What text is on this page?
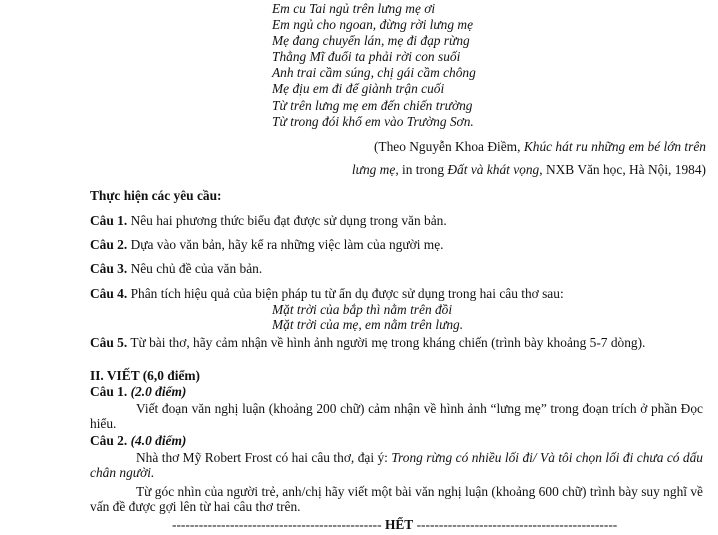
Em cu Tai ngủ trên lưng mẹ ơi
Em ngủ cho ngoan, đừng rời lưng mẹ
Mẹ đang chuyển lán, mẹ đi đạp rừng
Thằng Mĩ đuổi ta phải rời con suối
Anh trai cầm súng, chị gái cầm chông
Mẹ địu em đi để giành trận cuối
Từ trên lưng mẹ em đến chiến trường
Từ trong đói khổ em vào Trường Sơn.
(Theo Nguyễn Khoa Điềm, Khúc hát ru những em bé lớn trên
lưng mẹ, in trong Đất và khát vọng, NXB Văn học, Hà Nội, 1984)
Thực hiện các yêu cầu:
Câu 1. Nêu hai phương thức biểu đạt được sử dụng trong văn bản.
Câu 2. Dựa vào văn bản, hãy kể ra những việc làm của người mẹ.
Câu 3. Nêu chủ đề của văn bản.
Câu 4. Phân tích hiệu quả của biện pháp tu từ ẩn dụ được sử dụng trong hai câu thơ sau:
Mặt trời của bắp thì nằm trên đồi
Mặt trời của mẹ, em nằm trên lưng.
Câu 5. Từ bài thơ, hãy cảm nhận về hình ảnh người mẹ trong kháng chiến (trình bày khoảng 5-7 dòng).
II. VIẾT (6,0 điểm)
Câu 1. (2.0 điểm)
Viết đoạn văn nghị luận (khoảng 200 chữ) cảm nhận về hình ảnh “lưng mẹ” trong đoạn trích ở phần Đọc hiểu.
Câu 2. (4.0 điểm)
Nhà thơ Mỹ Robert Frost có hai câu thơ, đại ý: Trong rừng có nhiều lối đi/ Và tôi chọn lối đi chưa có dấu chân người.
Từ góc nhìn của người trẻ, anh/chị hãy viết một bài văn nghị luận (khoảng 600 chữ) trình bày suy nghĩ về vấn đề được gợi lên từ hai câu thơ trên.
----------------------------------------------- HẾT ---------------------------------------------
